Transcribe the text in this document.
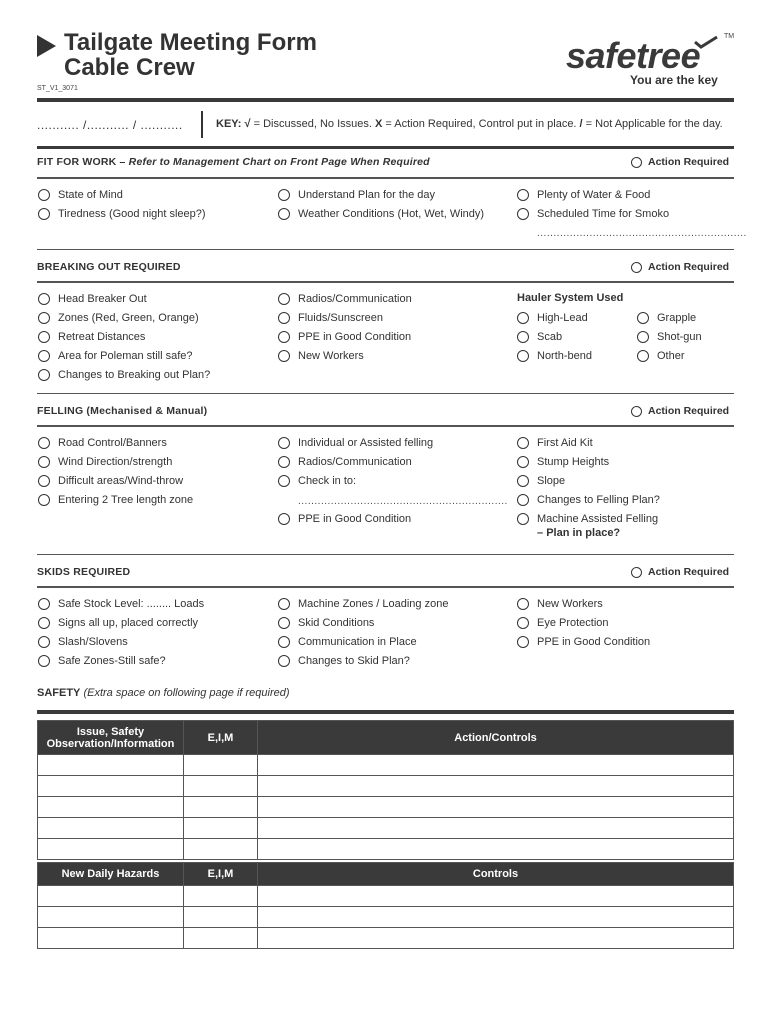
Tailgate Meeting Form
Cable Crew
ST_V1_3071
safetree	TM
You are the key
........... /........... / ...........	KEY: √ = Discussed, No Issues. X = Action Required, Control put in place. / = Not Applicable for the day.
FIT FOR WORK – Refer to Management Chart on Front Page When Required	Action Required
State of Mind
Tiredness (Good night sleep?)
Understand Plan for the day
Weather Conditions (Hot, Wet, Windy)
Plenty of Water & Food
Scheduled Time for Smoko
................................................................
BREAKING OUT REQUIRED	Action Required
Head Breaker Out
Zones (Red, Green, Orange)
Retreat Distances
Area for Poleman still safe?
Changes to Breaking out Plan?
Radios/Communication
Fluids/Sunscreen
PPE in Good Condition
New Workers
Hauler System Used
High-Lead
Scab
North-bend
Grapple
Shot-gun
Other
FELLING (Mechanised & Manual)	Action Required
Road Control/Banners
Wind Direction/strength
Difficult areas/Wind-throw
Entering 2 Tree length zone
Individual or Assisted felling
Radios/Communication
Check in to:
................................................................
PPE in Good Condition
First Aid Kit
Stump Heights
Slope
Changes to Felling Plan?
Machine Assisted Felling
– Plan in place?
SKIDS REQUIRED	Action Required
Safe Stock Level: ........ Loads
Signs all up, placed correctly
Slash/Slovens
Safe Zones-Still safe?
Machine Zones / Loading zone
Skid Conditions
Communication in Place
Changes to Skid Plan?
New Workers
Eye Protection
PPE in Good Condition
SAFETY (Extra space on following page if required)
Issue, Safety Observation/Information	E,I,M	Action/Controls

New Daily Hazards	E,I,M	Controls
